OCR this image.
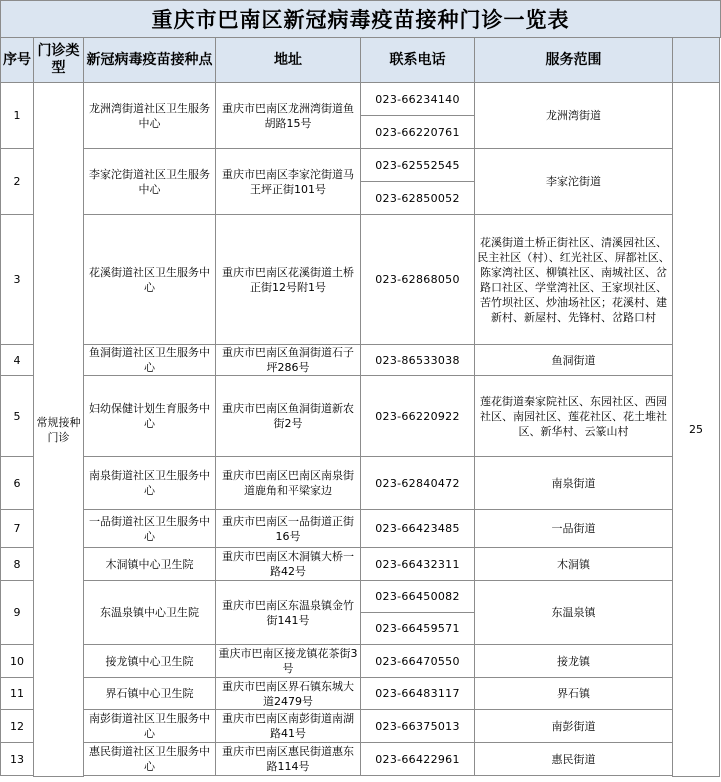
重庆市巴南区新冠病毒疫苗接种门诊一览表
序号	门诊类型	新冠病毒疫苗接种点	地址	联系电话	服务范围	
1	常规接种门诊	龙洲湾街道社区卫生服务中心	重庆市巴南区龙洲湾街道鱼胡路15号	023-66234140	龙洲湾街道	25
				023-66220761		
2		李家沱街道社区卫生服务中心	重庆市巴南区李家沱街道马王坪正街101号	023-62552545	李家沱街道	
				023-62850052		
3		花溪街道社区卫生服务中心	重庆市巴南区花溪街道土桥正街12号附1号	023-62868050	花溪街道土桥正街社区、清溪园社区、民主社区（村）、红光社区、屏都社区、陈家湾社区、柳镇社区、南城社区、岔路口社区、学堂湾社区、王家坝社区、苦竹坝社区、炒油场社区；花溪村、建新村、新屋村、先锋村、岔路口村	
4		鱼洞街道社区卫生服务中心	重庆市巴南区鱼洞街道石子坪286号	023-86533038	鱼洞街道	
5		妇幼保健计划生育服务中心	重庆市巴南区鱼洞街道新农街2号	023-66220922	莲花街道秦家院社区、东园社区、西园社区、南园社区、莲花社区、花土堆社区、新华村、云篆山村	
6		南泉街道社区卫生服务中心	重庆市巴南区巴南区南泉街道鹿角和平梁家边	023-62840472	南泉街道	
7		一品街道社区卫生服务中心	重庆市巴南区一品街道正街16号	023-66423485	一品街道	
8		木洞镇中心卫生院	重庆市巴南区木洞镇大桥一路42号	023-66432311	木洞镇	
9		东温泉镇中心卫生院	重庆市巴南区东温泉镇金竹街141号	023-66450082	东温泉镇	
				023-66459571		
10		接龙镇中心卫生院	重庆市巴南区接龙镇花茶街3号	023-66470550	接龙镇	
11		界石镇中心卫生院	重庆市巴南区界石镇东城大道2479号	023-66483117	界石镇	
12		南彭街道社区卫生服务中心	重庆市巴南区南彭街道南湖路41号	023-66375013	南彭街道	
13		惠民街道社区卫生服务中心	重庆市巴南区惠民街道惠东路114号	023-66422961	惠民街道	
